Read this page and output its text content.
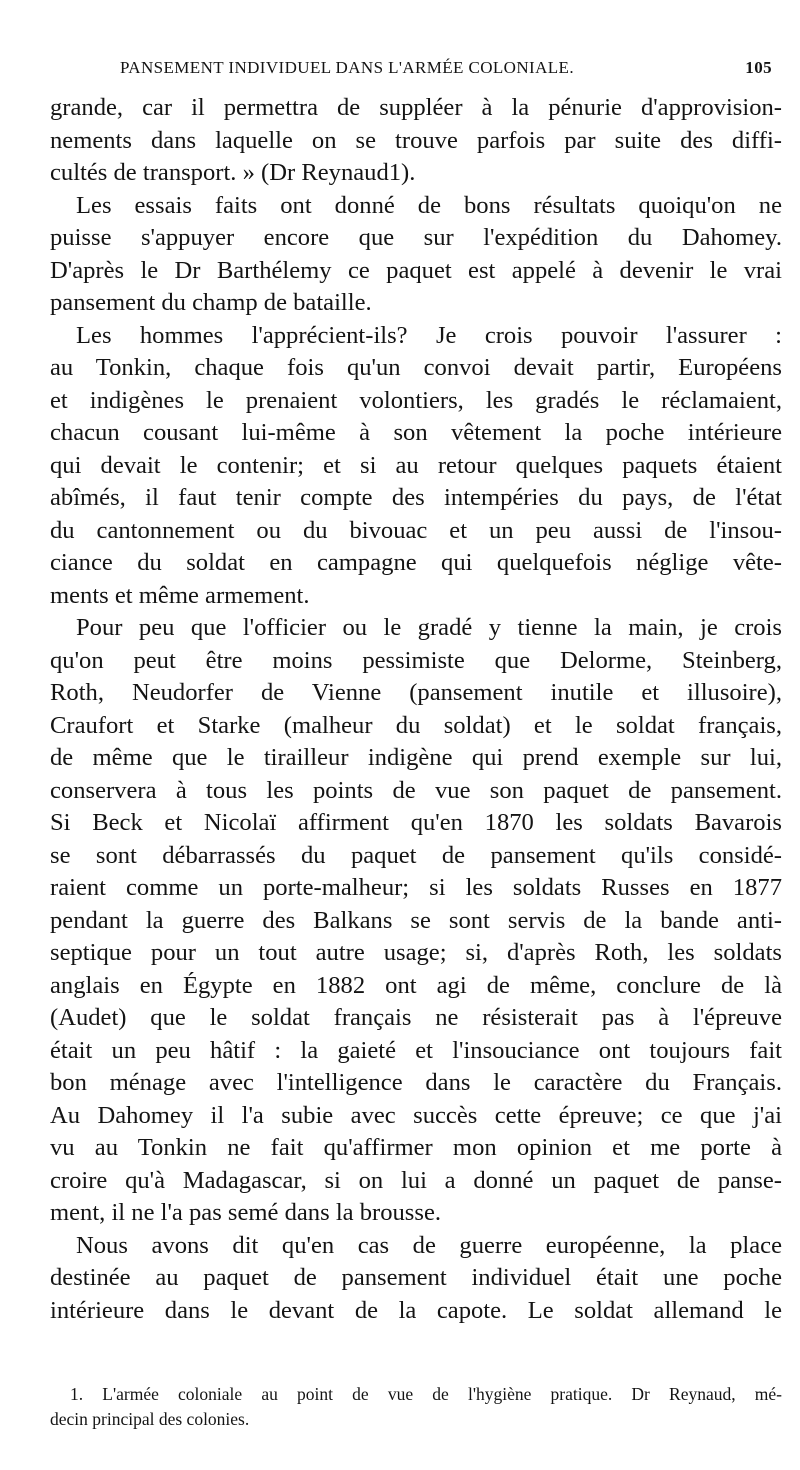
PANSEMENT INDIVIDUEL DANS L'ARMÉE COLONIALE.	105
grande, car il permettra de suppléer à la pénurie d'approvision-
nements dans laquelle on se trouve parfois par suite des diffi-
cultés de transport. » (Dr Reynaud1).
Les essais faits ont donné de bons résultats quoiqu'on ne
puisse s'appuyer encore que sur l'expédition du Dahomey.
D'après le Dr Barthélemy ce paquet est appelé à devenir le vrai
pansement du champ de bataille.
Les hommes l'apprécient-ils? Je crois pouvoir l'assurer :
au Tonkin, chaque fois qu'un convoi devait partir, Européens
et indigènes le prenaient volontiers, les gradés le réclamaient,
chacun cousant lui-même à son vêtement la poche intérieure
qui devait le contenir; et si au retour quelques paquets étaient
abîmés, il faut tenir compte des intempéries du pays, de l'état
du cantonnement ou du bivouac et un peu aussi de l'insou-
ciance du soldat en campagne qui quelquefois néglige vête-
ments et même armement.
Pour peu que l'officier ou le gradé y tienne la main, je crois
qu'on peut être moins pessimiste que Delorme, Steinberg,
Roth, Neudorfer de Vienne (pansement inutile et illusoire),
Craufort et Starke (malheur du soldat) et le soldat français,
de même que le tirailleur indigène qui prend exemple sur lui,
conservera à tous les points de vue son paquet de pansement.
Si Beck et Nicolaï affirment qu'en 1870 les soldats Bavarois
se sont débarrassés du paquet de pansement qu'ils considé-
raient comme un porte-malheur; si les soldats Russes en 1877
pendant la guerre des Balkans se sont servis de la bande anti-
septique pour un tout autre usage; si, d'après Roth, les soldats
anglais en Égypte en 1882 ont agi de même, conclure de là
(Audet) que le soldat français ne résisterait pas à l'épreuve
était un peu hâtif : la gaieté et l'insouciance ont toujours fait
bon ménage avec l'intelligence dans le caractère du Français.
Au Dahomey il l'a subie avec succès cette épreuve; ce que j'ai
vu au Tonkin ne fait qu'affirmer mon opinion et me porte à
croire qu'à Madagascar, si on lui a donné un paquet de panse-
ment, il ne l'a pas semé dans la brousse.
Nous avons dit qu'en cas de guerre européenne, la place
destinée au paquet de pansement individuel était une poche
intérieure dans le devant de la capote. Le soldat allemand le
1. L'armée coloniale au point de vue de l'hygiène pratique. Dr Reynaud, mé-
decin principal des colonies.
